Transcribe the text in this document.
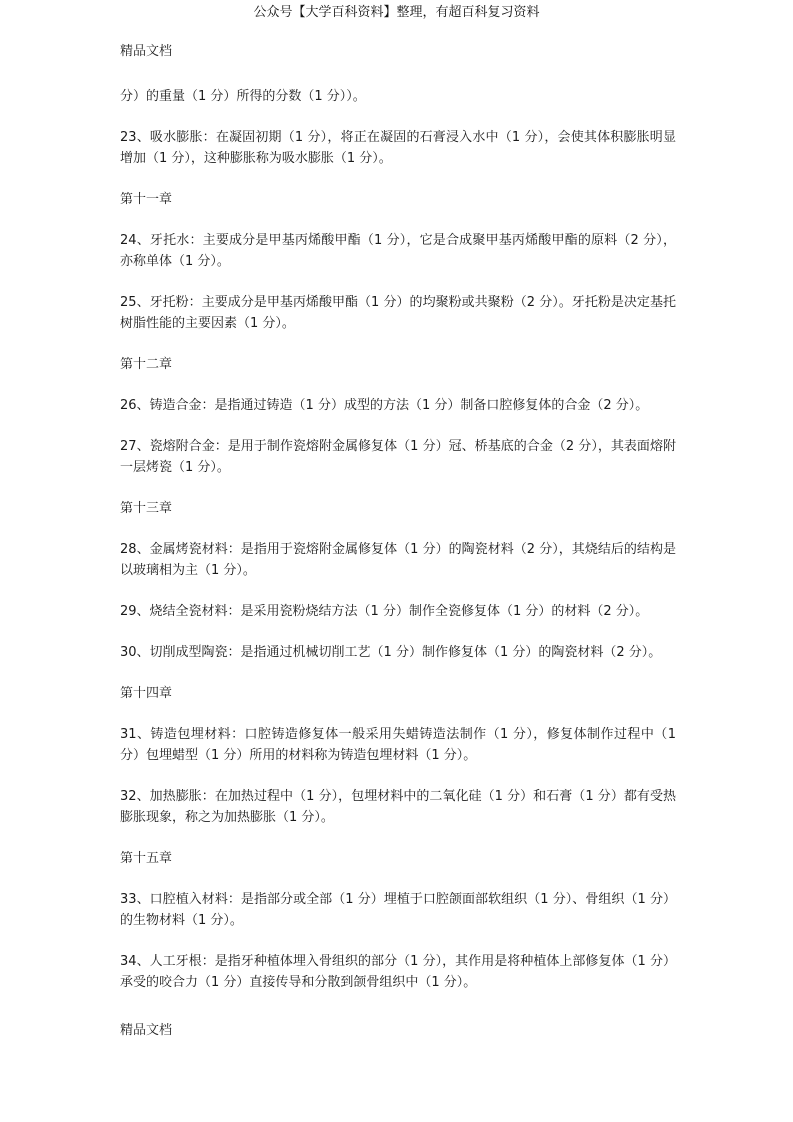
公众号【大学百科资料】整理，有超百科复习资料
精品文档

分）的重量（1 分）所得的分数（1 分））。

23、吸水膨胀：在凝固初期（1 分），将正在凝固的石膏浸入水中（1 分），会使其体积膨胀明显增加（1 分），这种膨胀称为吸水膨胀（1 分）。

第十一章

24、牙托水：主要成分是甲基丙烯酸甲酯（1 分），它是合成聚甲基丙烯酸甲酯的原料（2 分），亦称单体（1 分）。

25、牙托粉：主要成分是甲基丙烯酸甲酯（1 分）的均聚粉或共聚粉（2 分）。牙托粉是决定基托树脂性能的主要因素（1 分）。

第十二章

26、铸造合金：是指通过铸造（1 分）成型的方法（1 分）制备口腔修复体的合金（2 分）。

27、瓷熔附合金：是用于制作瓷熔附金属修复体（1 分）冠、桥基底的合金（2 分），其表面熔附一层烤瓷（1 分）。

第十三章

28、金属烤瓷材料：是指用于瓷熔附金属修复体（1 分）的陶瓷材料（2 分），其烧结后的结构是以玻璃相为主（1 分）。

29、烧结全瓷材料：是采用瓷粉烧结方法（1 分）制作全瓷修复体（1 分）的材料（2 分）。

30、切削成型陶瓷：是指通过机械切削工艺（1 分）制作修复体（1 分）的陶瓷材料（2 分）。

第十四章

31、铸造包埋材料：口腔铸造修复体一般采用失蜡铸造法制作（1 分），修复体制作过程中（1 分）包埋蜡型（1 分）所用的材料称为铸造包埋材料（1 分）。

32、加热膨胀：在加热过程中（1 分），包埋材料中的二氧化硅（1 分）和石膏（1 分）都有受热膨胀现象，称之为加热膨胀（1 分）。

第十五章

33、口腔植入材料：是指部分或全部（1 分）埋植于口腔颌面部软组织（1 分）、骨组织（1 分）的生物材料（1 分）。

34、人工牙根：是指牙种植体埋入骨组织的部分（1 分），其作用是将种植体上部修复体（1 分）承受的咬合力（1 分）直接传导和分散到颌骨组织中（1 分）。

精品文档
